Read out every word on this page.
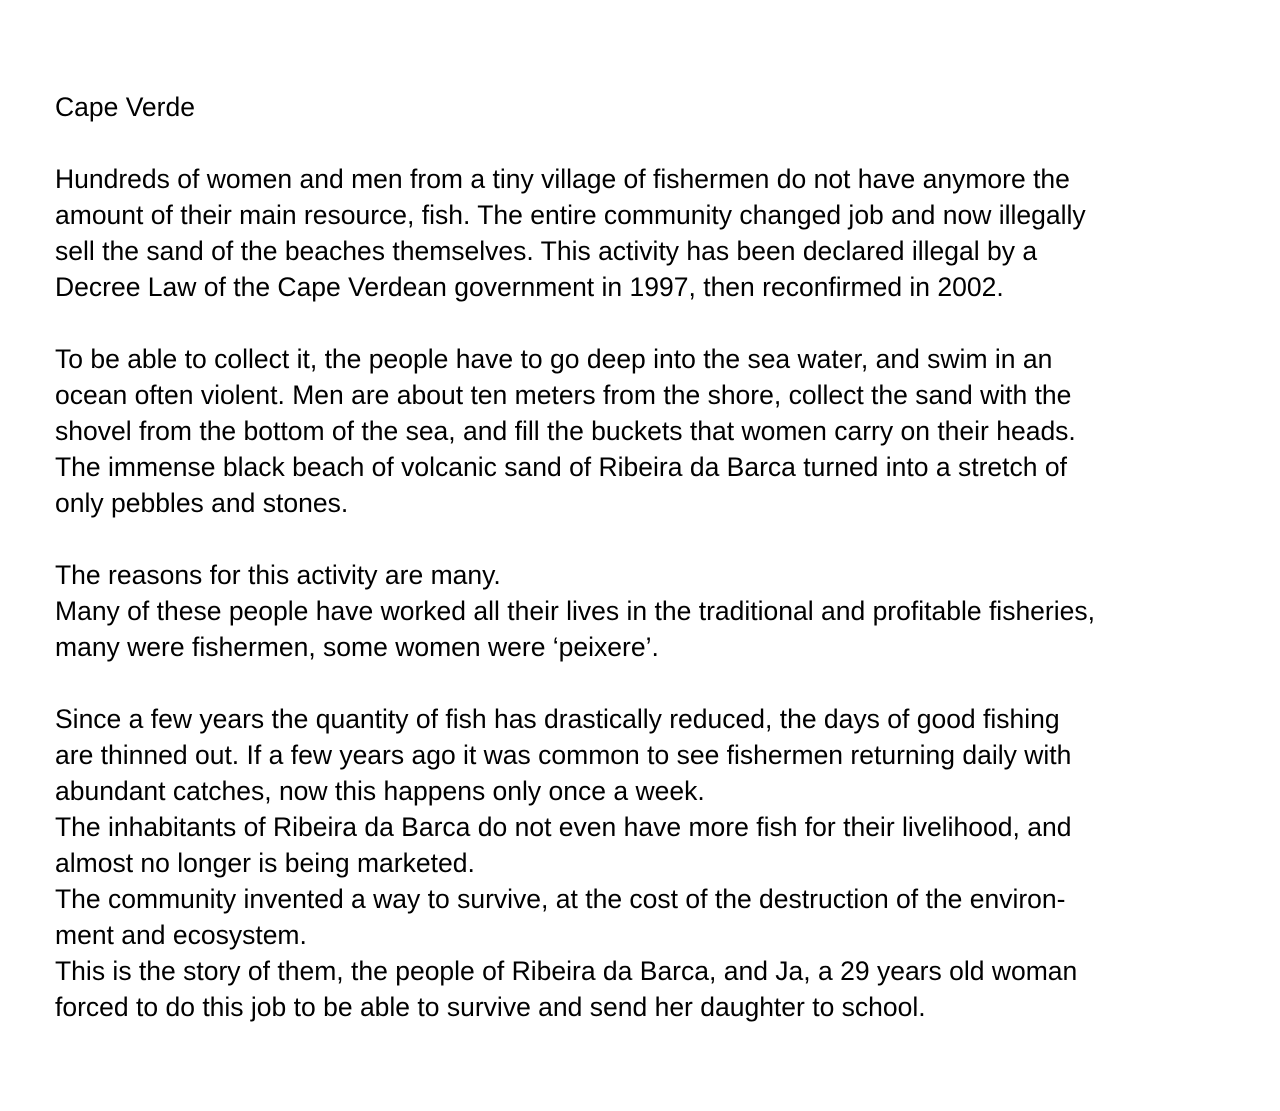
Cape Verde
Hundreds of women and men from a tiny village of fishermen do not have anymore the
amount of their main resource, fish. The entire community changed job and now illegally
sell the sand of the beaches themselves. This activity has been declared illegal by a
Decree Law of the Cape Verdean government in 1997, then reconfirmed in 2002.
To be able to collect it, the people have to go deep into the sea water, and swim in an
ocean often violent. Men are about ten meters from the shore, collect the sand with the
shovel from the bottom of the sea, and fill the buckets that women carry on their heads.
The immense black beach of volcanic sand of Ribeira da Barca turned into a stretch of
only pebbles and stones.
The reasons for this activity are many.
Many of these people have worked all their lives in the traditional and profitable fisheries,
many were fishermen, some women were ‘peixere’.
Since a few years the quantity of fish has drastically reduced, the days of good fishing
are thinned out. If a few years ago it was common to see fishermen returning daily with
abundant catches, now this happens only once a week.
The inhabitants of Ribeira da Barca do not even have more fish for their livelihood, and
almost no longer is being marketed.
The community invented a way to survive, at the cost of the destruction of the environ-
ment and ecosystem.
This is the story of them, the people of Ribeira da Barca, and Ja, a 29 years old woman
forced to do this job to be able to survive and send her daughter to school.
